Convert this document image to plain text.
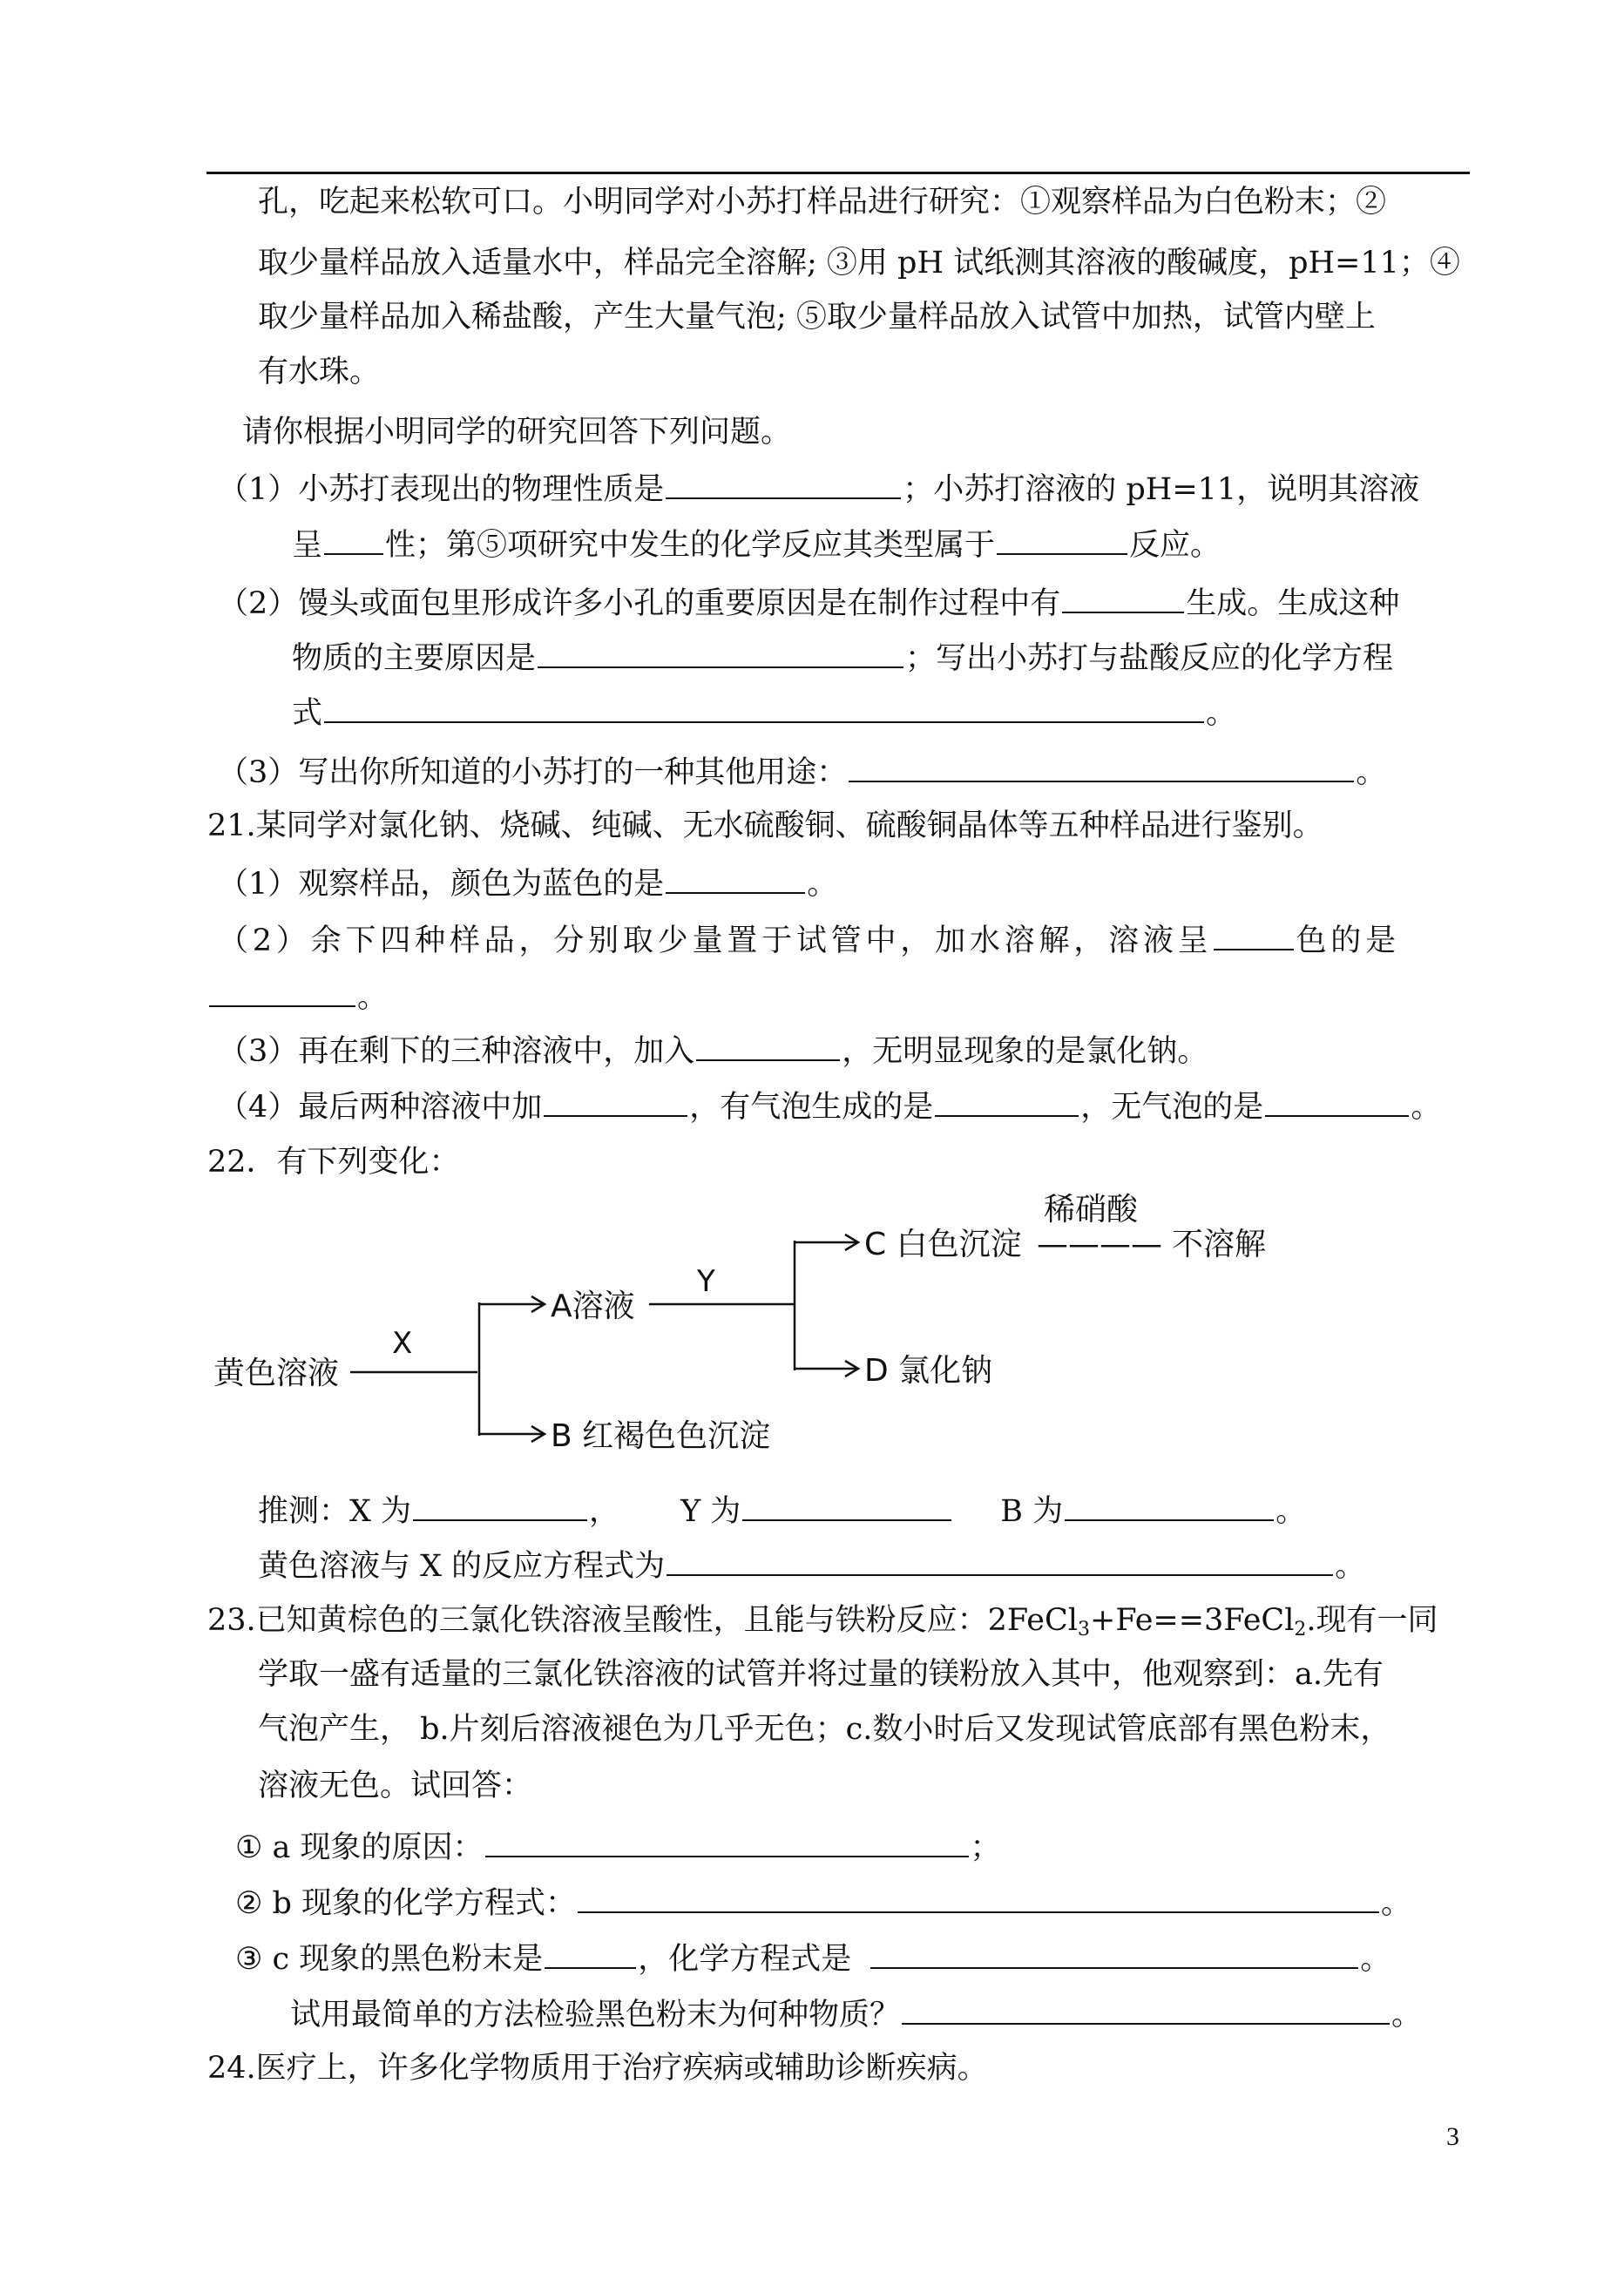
孔，吃起来松软可口。小明同学对小苏打样品进行研究：①观察样品为白色粉末；②
取少量样品放入适量水中，样品完全溶解; ③用 pH 试纸测其溶液的酸碱度，pH=11；④
取少量样品加入稀盐酸，产生大量气泡; ⑤取少量样品放入试管中加热，试管内壁上
有水珠。
请你根据小明同学的研究回答下列问题。
（1）小苏打表现出的物理性质是	；小苏打溶液的 pH=11，说明其溶液
呈 性；第⑤项研究中发生的化学反应其类型属于	反应。
（2）馒头或面包里形成许多小孔的重要原因是在制作过程中有	生成。生成这种
物质的主要原因是	；写出小苏打与盐酸反应的化学方程
式	。
（3）写出你所知道的小苏打的一种其他用途：	。
21.某同学对氯化钠、烧碱、纯碱、无水硫酸铜、硫酸铜晶体等五种样品进行鉴别。
（1）观察样品，颜色为蓝色的是	。
（2）余下四种样品，分别取少量置于试管中，加水溶解，溶液呈	色的是
。
（3）再在剩下的三种溶液中，加入	，无明显现象的是氯化钠。
（4）最后两种溶液中加	，有气泡生成的是	，无气泡的是	。
22．有下列变化：
黄色溶液
X
A溶液
Y
B 红褐色色沉淀
C 白色沉淀
稀硝酸
———— 不溶解
D 氯化钠
推测：X 为	， Y 为	B 为	。
黄色溶液与 X 的反应方程式为	。
23.已知黄棕色的三氯化铁溶液呈酸性，且能与铁粉反应：2FeCl$_3$+Fe==3FeCl$_2$.现有一同
学取一盛有适量的三氯化铁溶液的试管并将过量的镁粉放入其中，他观察到：a.先有
气泡产生， b.片刻后溶液褪色为几乎无色；c.数小时后又发现试管底部有黑色粉末，
溶液无色。试回答：
① a 现象的原因：	；
② b 现象的化学方程式：	。
③ c 现象的黑色粉末是	，化学方程式是	。
试用最简单的方法检验黑色粉末为何种物质？	。
24.医疗上，许多化学物质用于治疗疾病或辅助诊断疾病。
3
